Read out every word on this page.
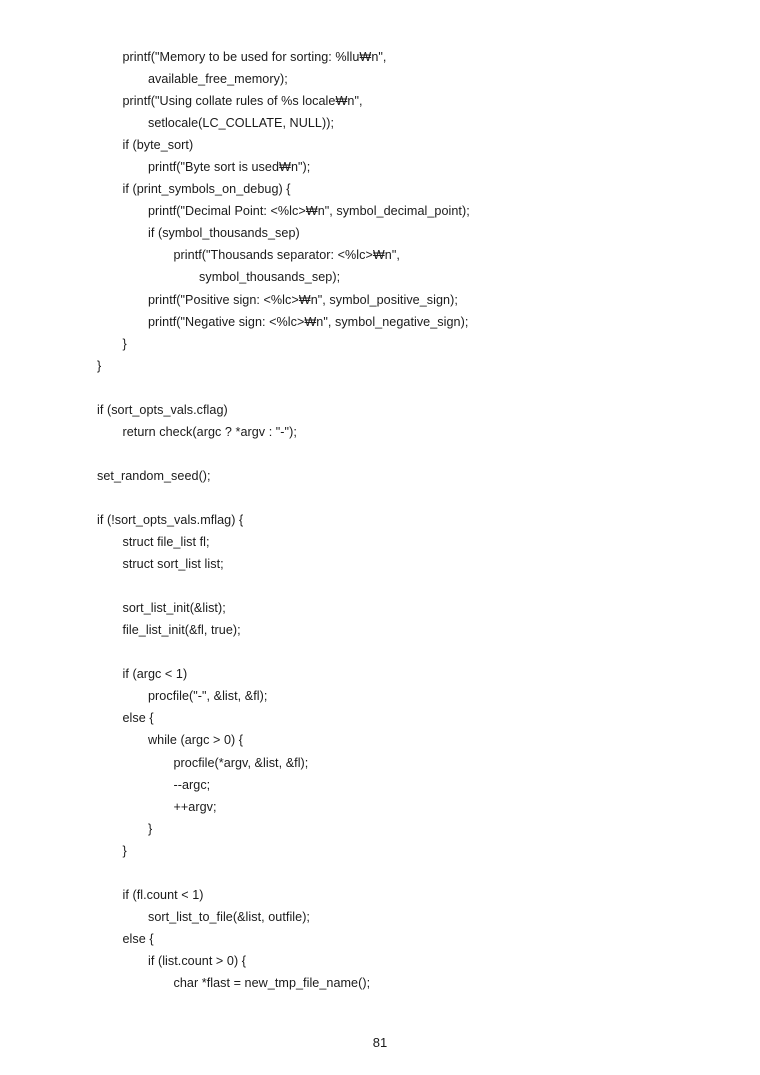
printf("Memory to be used for sorting: %llu₩n",
available_free_memory);
printf("Using collate rules of %s locale₩n",
setlocale(LC_COLLATE, NULL));
if (byte_sort)
printf("Byte sort is used₩n");
if (print_symbols_on_debug) {
printf("Decimal Point: <%lc>₩n", symbol_decimal_point);
if (symbol_thousands_sep)
printf("Thousands separator: <%lc>₩n",
symbol_thousands_sep);
printf("Positive sign: <%lc>₩n", symbol_positive_sign);
printf("Negative sign: <%lc>₩n", symbol_negative_sign);
}
}
if (sort_opts_vals.cflag)
return check(argc ? *argv : "-");
set_random_seed();
if (!sort_opts_vals.mflag) {
struct file_list fl;
struct sort_list list;
sort_list_init(&list);
file_list_init(&fl, true);
if (argc < 1)
procfile("-", &list, &fl);
else {
while (argc > 0) {
procfile(*argv, &list, &fl);
--argc;
++argv;
}
}
if (fl.count < 1)
sort_list_to_file(&list, outfile);
else {
if (list.count > 0) {
char *flast = new_tmp_file_name();
81
